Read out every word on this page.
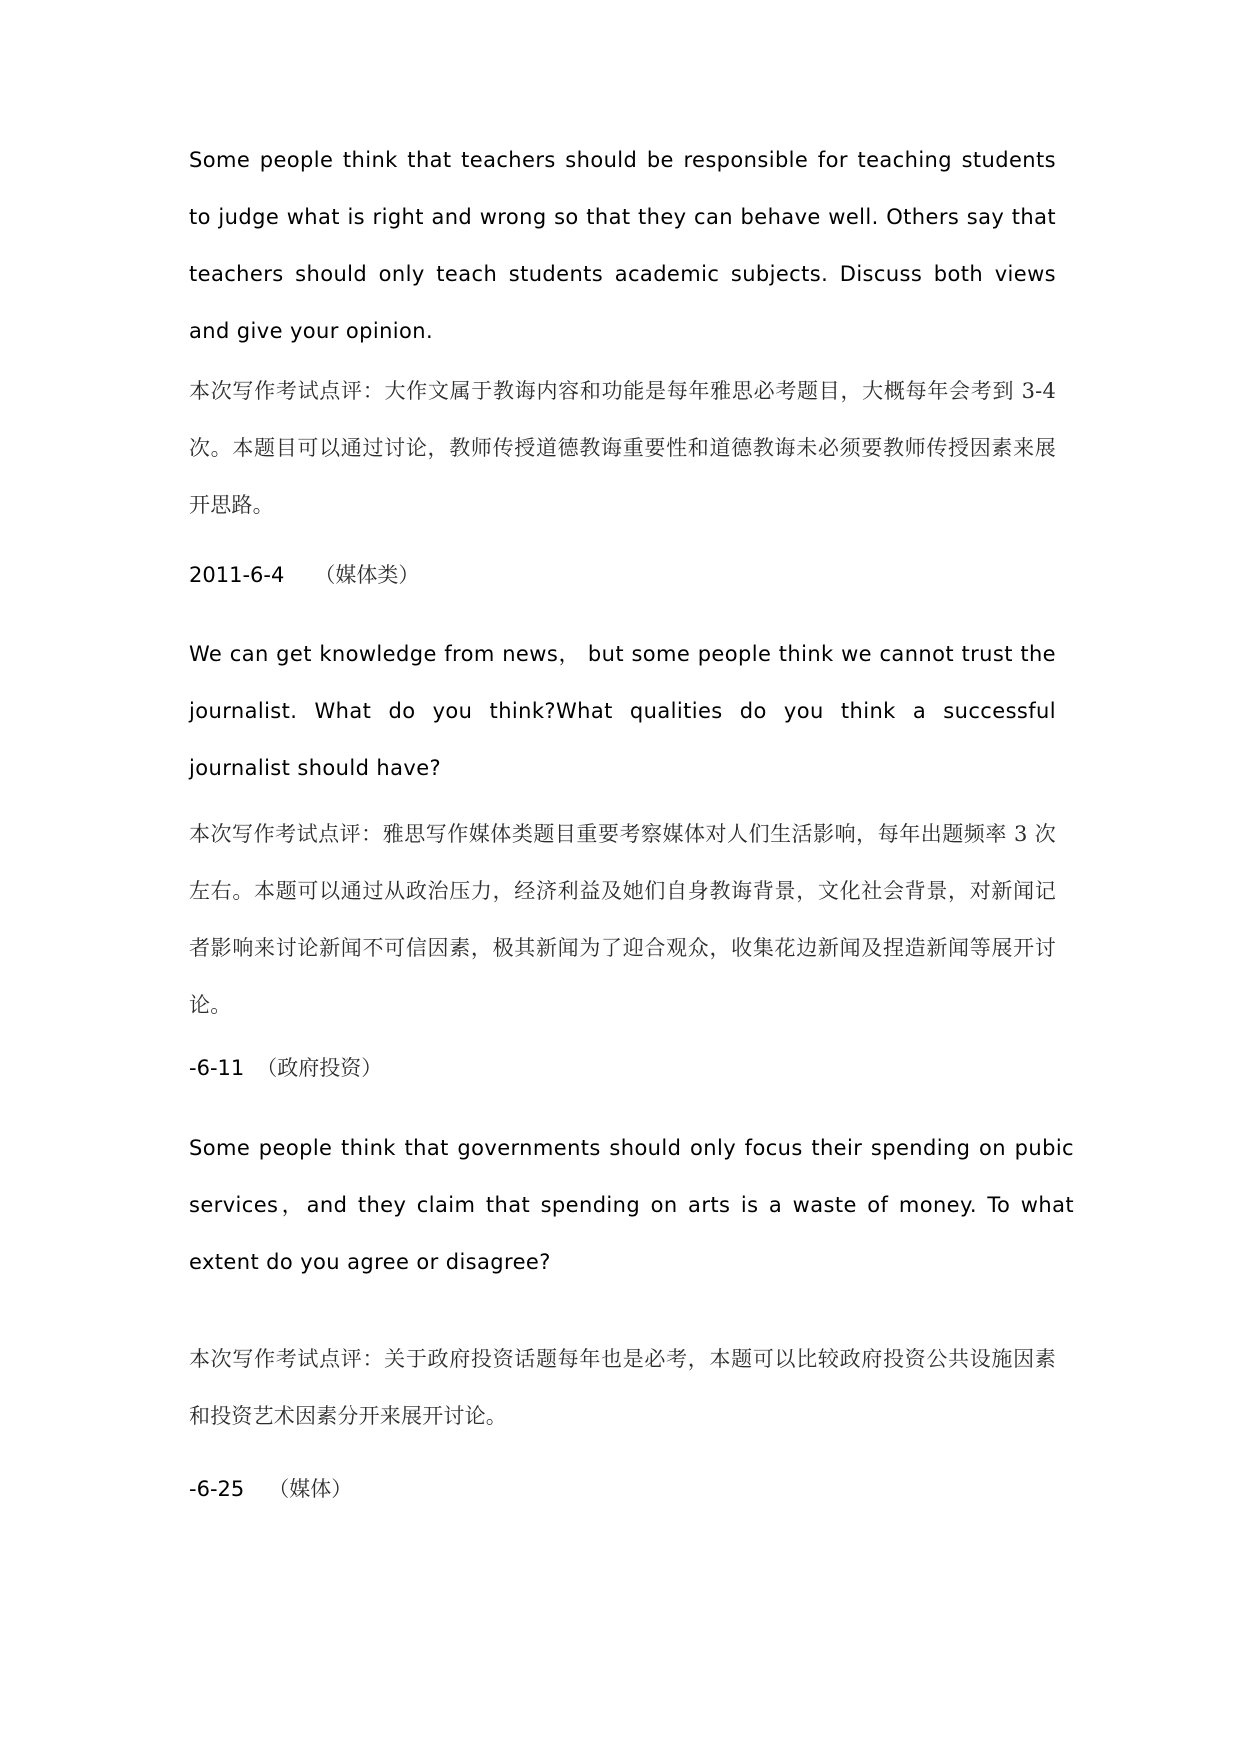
Some people think that teachers should be responsible for teaching students to judge what is right and wrong so that they can behave well. Others say that teachers should only teach students academic subjects. Discuss both views and give your opinion.

本次写作考试点评：大作文属于教诲内容和功能是每年雅思必考题目，大概每年会考到 3-4 次。本题目可以通过讨论，教师传授道德教诲重要性和道德教诲未必须要教师传授因素来展开思路。

2011-6-4 （媒体类）

We can get knowledge from news， but some people think we cannot trust the journalist. What do you think?What qualities do you think a successful journalist should have?

本次写作考试点评：雅思写作媒体类题目重要考察媒体对人们生活影响，每年出题频率 3 次左右。本题可以通过从政治压力，经济利益及她们自身教诲背景，文化社会背景，对新闻记者影响来讨论新闻不可信因素，极其新闻为了迎合观众，收集花边新闻及捏造新闻等展开讨论。

-6-11 （政府投资）

Some people think that governments should only focus their spending on pubic services，and they claim that spending on arts is a waste of money. To what extent do you agree or disagree?

本次写作考试点评：关于政府投资话题每年也是必考，本题可以比较政府投资公共设施因素和投资艺术因素分开来展开讨论。

-6-25 （媒体）
